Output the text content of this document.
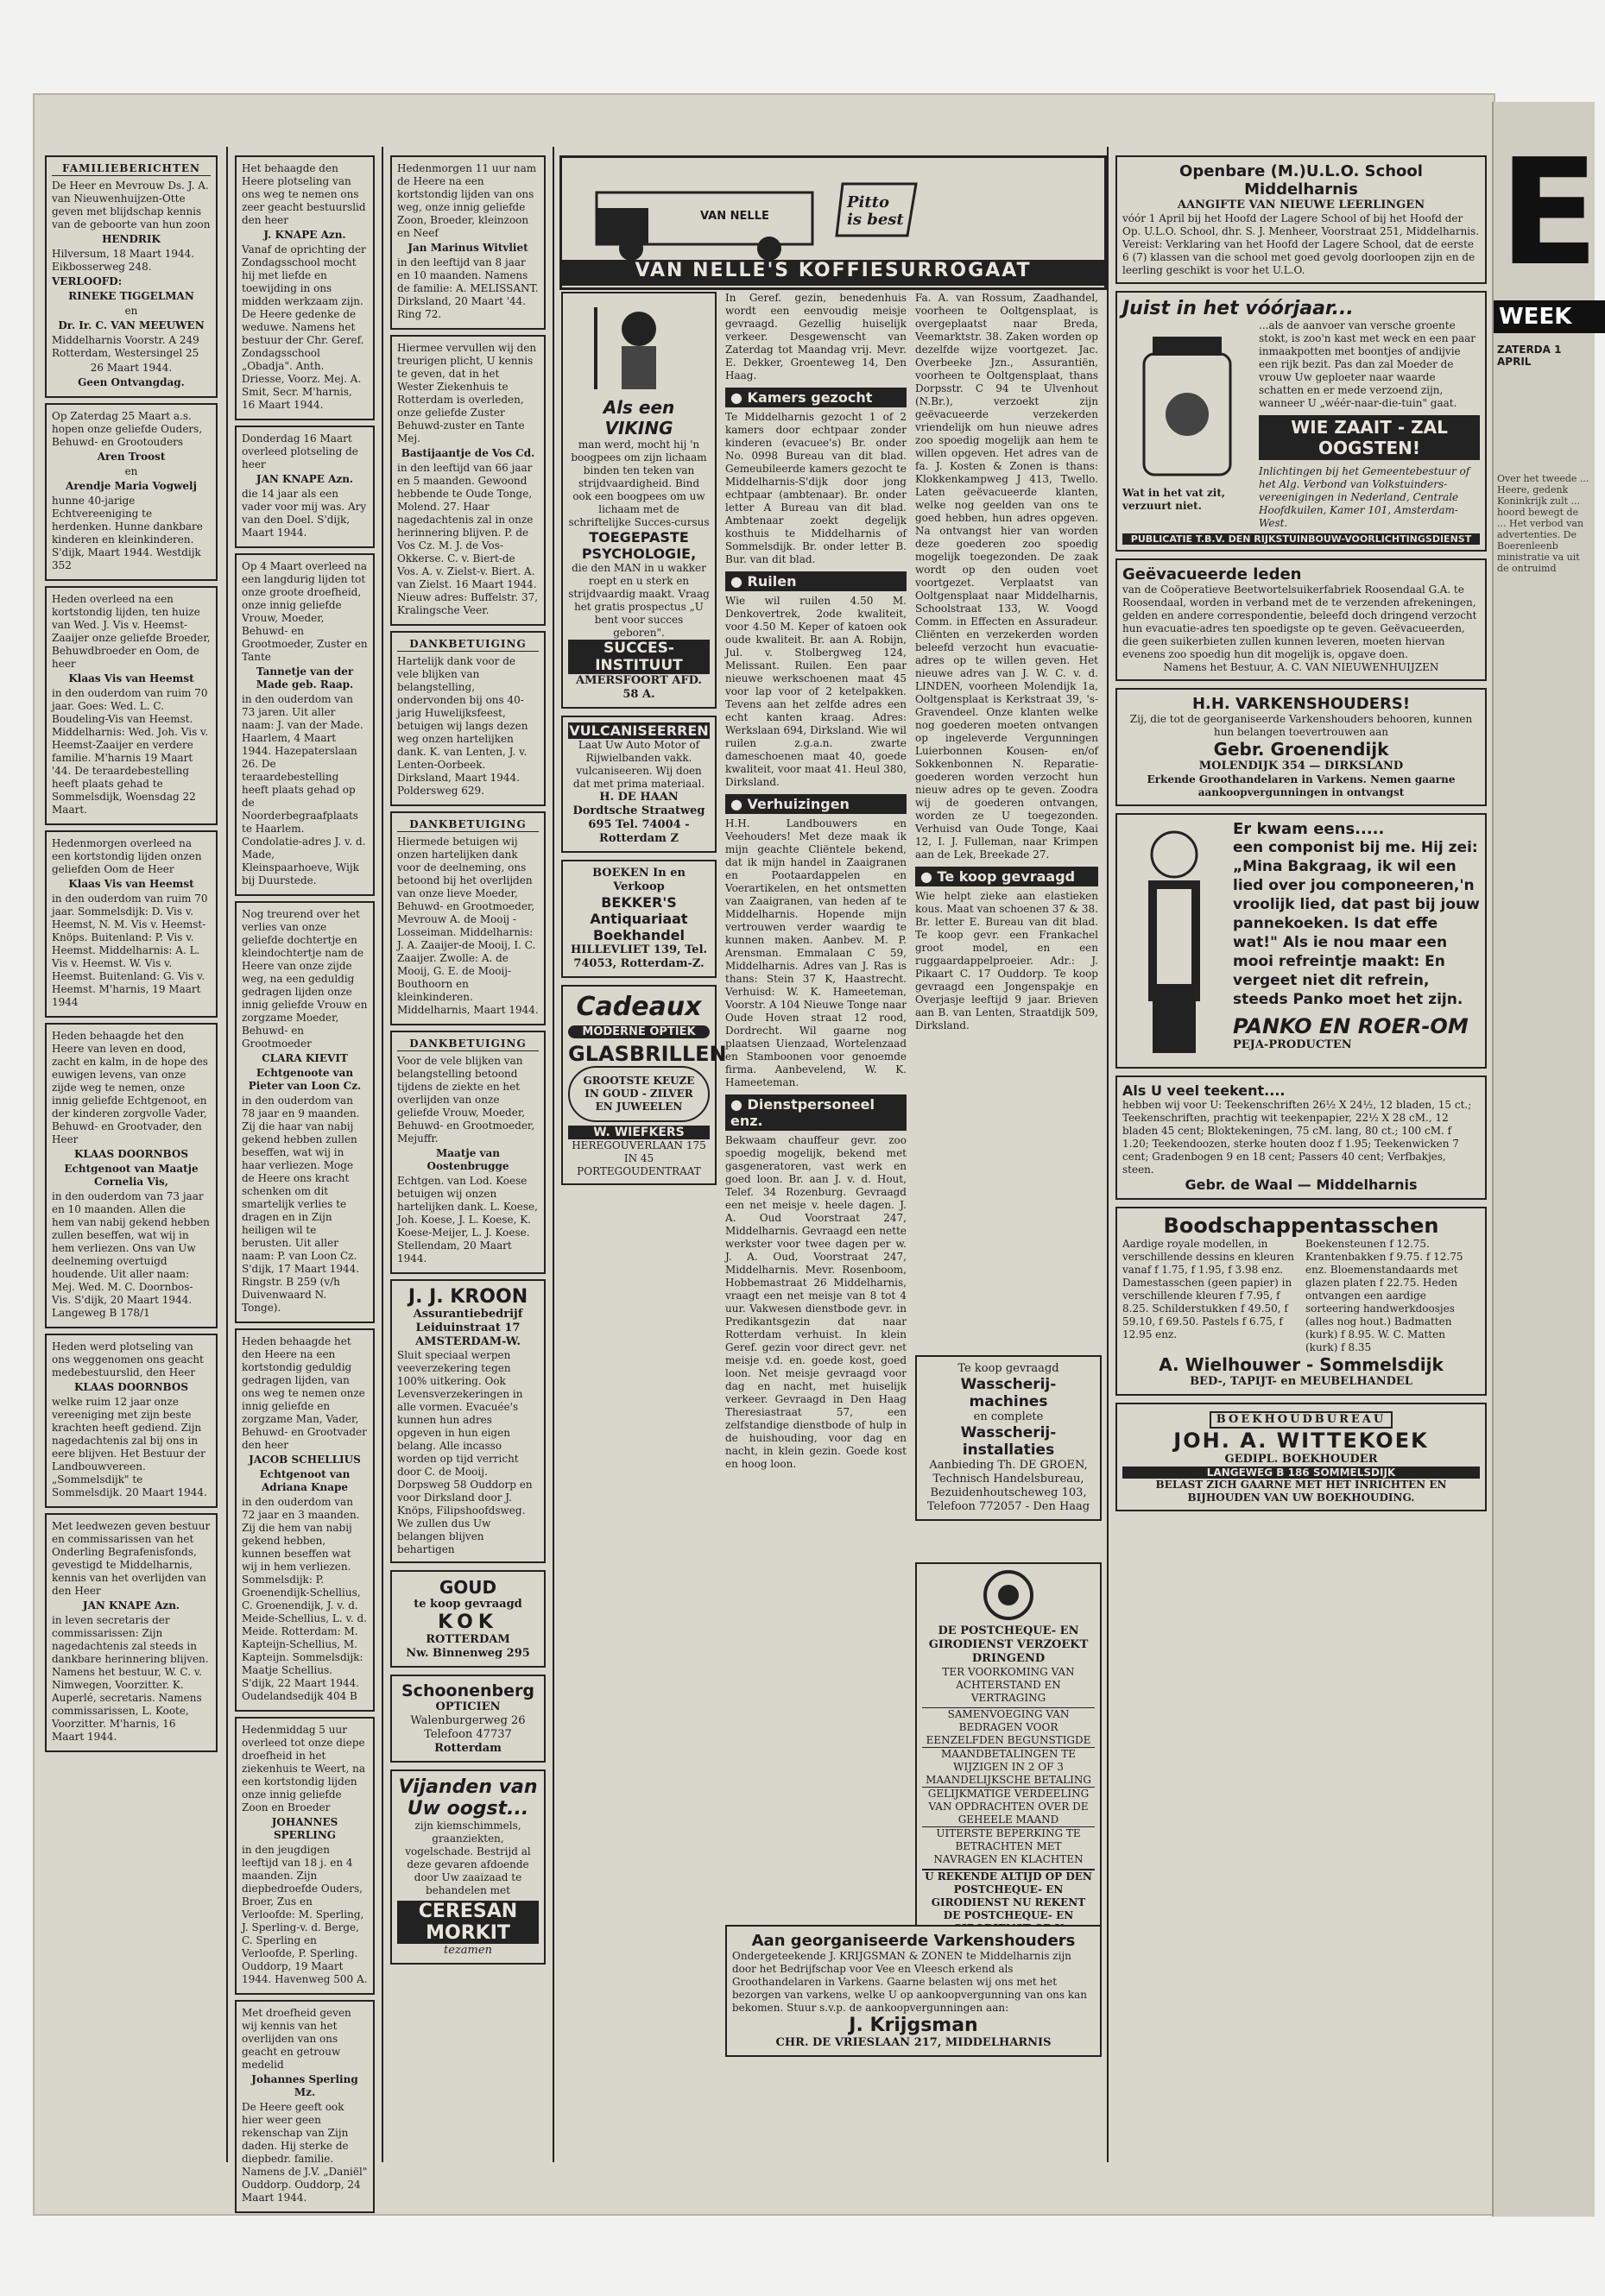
FAMILIEBERICHTEN

De Heer en Mevrouw Ds. J. A. van Nieuwenhuijzen-Otte geven met blijdschap kennis van de geboorte van hun zoon

HENDRIK

Hilversum, 18 Maart 1944. Eikbosserweg 248.

VERLOOFD:

RINEKE TIGGELMAN

en

Dr. Ir. C. VAN MEEUWEN

Middelharnis Voorstr. A 249 Rotterdam, Westersingel 25

26 Maart 1944.

Geen Ontvangdag.

Op Zaterdag 25 Maart a.s. hopen onze geliefde Ouders, Behuwd- en Grootouders

Aren Troost

en

Arendje Maria Vogwelj

hunne 40-jarige Echtvereeniging te herdenken. Hunne dankbare kinderen en kleinkinderen. S'dijk, Maart 1944. Westdijk 352

Heden overleed na een kortstondig lijden, ten huize van Wed. J. Vis v. Heemst-Zaaijer onze geliefde Broeder, Behuwdbroeder en Oom, de heer

Klaas Vis van Heemst

in den ouderdom van ruim 70 jaar. Goes: Wed. L. C. Boudeling-Vis van Heemst. Middelharnis: Wed. Joh. Vis v. Heemst-Zaaijer en verdere familie. M'harnis 19 Maart '44. De teraardebestelling heeft plaats gehad te Sommelsdijk, Woensdag 22 Maart.

Hedenmorgen overleed na een kortstondig lijden onzen geliefden Oom de Heer

Klaas Vis van Heemst

in den ouderdom van ruim 70 jaar. Sommelsdijk: D. Vis v. Heemst, N. M. Vis v. Heemst-Knöps. Buitenland: P. Vis v. Heemst. Middelharnis: A. L. Vis v. Heemst. W. Vis v. Heemst. Buitenland: G. Vis v. Heemst. M'harnis, 19 Maart 1944

Heden behaagde het den Heere van leven en dood, zacht en kalm, in de hope des euwigen levens, van onze zijde weg te nemen, onze innig geliefde Echtgenoot, en der kinderen zorgvolle Vader, Behuwd- en Grootvader, den Heer

KLAAS DOORNBOS

Echtgenoot van Maatje Cornelia Vis,

in den ouderdom van 73 jaar en 10 maanden. Allen die hem van nabij gekend hebben zullen beseffen, wat wij in hem verliezen. Ons van Uw deelneming overtuigd houdende. Uit aller naam: Mej. Wed. M. C. Doornbos-Vis. S'dijk, 20 Maart 1944. Langeweg B 178/1

Heden werd plotseling van ons weggenomen ons geacht medebestuurslid, den Heer

KLAAS DOORNBOS

welke ruim 12 jaar onze vereeniging met zijn beste krachten heeft gediend. Zijn nagedachtenis zal bij ons in eere blijven. Het Bestuur der Landbouwvereen. „Sommelsdijk" te Sommelsdijk. 20 Maart 1944.

Met leedwezen geven bestuur en commissarissen van het Onderling Begrafenisfonds, gevestigd te Middelharnis, kennis van het overlijden van den Heer

JAN KNAPE Azn.

in leven secretaris der commissarissen: Zijn nagedachtenis zal steeds in dankbare herinnering blijven. Namens het bestuur, W. C. v. Nimwegen, Voorzitter. K. Auperlé, secretaris. Namens commissarissen, L. Koote, Voorzitter. M'harnis, 16 Maart 1944.

Het behaagde den Heere plotseling van ons weg te nemen ons zeer geacht bestuurslid den heer

J. KNAPE Azn.

Vanaf de oprichting der Zondagsschool mocht hij met liefde en toewijding in ons midden werkzaam zijn. De Heere gedenke de weduwe. Namens het bestuur der Chr. Geref. Zondagsschool „Obadja". Anth. Driesse, Voorz. Mej. A. Smit, Secr. M'harnis, 16 Maart 1944.

Donderdag 16 Maart overleed plotseling de heer

JAN KNAPE Azn.

die 14 jaar als een vader voor mij was. Ary van den Doel. S'dijk, Maart 1944.

Op 4 Maart overleed na een langdurig lijden tot onze groote droefheid, onze innig geliefde Vrouw, Moeder, Behuwd- en Grootmoeder, Zuster en Tante

Tannetje van der Made geb. Raap.

in den ouderdom van 73 jaren. Uit aller naam: J. van der Made. Haarlem, 4 Maart 1944. Hazepaterslaan 26. De teraardebestelling heeft plaats gehad op de Noorderbegraafplaats te Haarlem. Condolatie-adres J. v. d. Made, Kleinspaarhoeve, Wijk bij Duurstede.

Nog treurend over het verlies van onze geliefde dochtertje en kleindochtertje nam de Heere van onze zijde weg, na een geduldig gedragen lijden onze innig geliefde Vrouw en zorgzame Moeder, Behuwd- en Grootmoeder

CLARA KIEVIT

Echtgenoote van Pieter van Loon Cz.

in den ouderdom van 78 jaar en 9 maanden. Zij die haar van nabij gekend hebben zullen beseffen, wat wij in haar verliezen. Moge de Heere ons kracht schenken om dit smartelijk verlies te dragen en in Zijn heiligen wil te berusten. Uit aller naam: P. van Loon Cz. S'dijk, 17 Maart 1944. Ringstr. B 259 (v/h Duivenwaard N. Tonge).

Heden behaagde het den Heere na een kortstondig geduldig gedragen lijden, van ons weg te nemen onze innig geliefde en zorgzame Man, Vader, Behuwd- en Grootvader den heer

JACOB SCHELLIUS

Echtgenoot van Adriana Knape

in den ouderdom van 72 jaar en 3 maanden. Zij die hem van nabij gekend hebben, kunnen beseffen wat wij in hem verliezen. Sommelsdijk: P. Groenendijk-Schellius, C. Groenendijk, J. v. d. Meide-Schellius, L. v. d. Meide. Rotterdam: M. Kapteijn-Schellius, M. Kapteijn. Sommelsdijk: Maatje Schellius. S'dijk, 22 Maart 1944. Oudelandsedijk 404 B

Hedenmiddag 5 uur overleed tot onze diepe droefheid in het ziekenhuis te Weert, na een kortstondig lijden onze innig geliefde Zoon en Broeder

JOHANNES SPERLING

in den jeugdigen leeftijd van 18 j. en 4 maanden. Zijn diepbedroefde Ouders, Broer, Zus en Verloofde: M. Sperling, J. Sperling-v. d. Berge, C. Sperling en Verloofde, P. Sperling. Ouddorp, 19 Maart 1944. Havenweg 500 A.

Met droefheid geven wij kennis van het overlijden van ons geacht en getrouw medelid

Johannes Sperling Mz.

De Heere geeft ook hier weer geen rekenschap van Zijn daden. Hij sterke de diepbedr. familie. Namens de J.V. „Daniël" Ouddorp. Ouddorp, 24 Maart 1944.

Hedenmorgen 11 uur nam de Heere na een kortstondig lijden van ons weg, onze innig geliefde Zoon, Broeder, kleinzoon en Neef

Jan Marinus Witvliet

in den leeftijd van 8 jaar en 10 maanden. Namens de familie: A. MELISSANT. Dirksland, 20 Maart '44. Ring 72.

Hiermee vervullen wij den treurigen plicht, U kennis te geven, dat in het Wester Ziekenhuis te Rotterdam is overleden, onze geliefde Zuster Behuwd-zuster en Tante Mej.

Bastijaantje de Vos Cd.

in den leeftijd van 66 jaar en 5 maanden. Gewoond hebbende te Oude Tonge, Molend. 27. Haar nagedachtenis zal in onze herinnering blijven. P. de Vos Cz. M. J. de Vos-Okkerse. C. v. Biert-de Vos. A. v. Zielst-v. Biert. A. van Zielst. 16 Maart 1944. Nieuw adres: Buffelstr. 37, Kralingsche Veer.

DANKBETUIGING

Hartelijk dank voor de vele blijken van belangstelling, ondervonden bij ons 40-jarig Huwelijksfeest, betuigen wij langs dezen weg onzen hartelijken dank. K. van Lenten, J. v. Lenten-Oorbeek. Dirksland, Maart 1944. Poldersweg 629.

DANKBETUIGING

Hiermede betuigen wij onzen hartelijken dank voor de deelneming, ons betoond bij het overlijden van onze lieve Moeder, Behuwd- en Grootmoeder, Mevrouw A. de Mooij - Losseiman. Middelharnis: J. A. Zaaijer-de Mooij, I. C. Zaaijer. Zwolle: A. de Mooij, G. E. de Mooij-Bouthoorn en kleinkinderen. Middelharnis, Maart 1944.

DANKBETUIGING

Voor de vele blijken van belangstelling betoond tijdens de ziekte en het overlijden van onze geliefde Vrouw, Moeder, Behuwd- en Grootmoeder, Mejuffr.

Maatje van Oostenbrugge

Echtgen. van Lod. Koese betuigen wij onzen hartelijken dank. L. Koese, Joh. Koese, J. L. Koese, K. Koese-Meijer, L. J. Koese. Stellendam, 20 Maart 1944.

J. J. KROON
Assurantiebedrijf Leiduinstraat 17 AMSTERDAM-W.
Sluit speciaal werpen veeverzekering tegen 100% uitkering. Ook Levensverzekeringen in alle vormen. Evacuée's kunnen hun adres opgeven in hun eigen belang. Alle incasso worden op tijd verricht door C. de Mooij. Dorpsweg 58 Ouddorp en voor Dirksland door J. Knöps, Filipshoofdsweg. We zullen dus Uw belangen blijven behartigen
GOUD
te koop gevraagd
KOK
ROTTERDAM
Nw. Binnenweg 295
Schoonenberg
OPTICIEN
Walenburgerweg 26
Telefoon 47737
Rotterdam
Vijanden van Uw oogst...
zijn kiemschimmels, graanziekten, vogelschade. Bestrijd al deze gevaren afdoende door Uw zaaizaad te behandelen met
CERESAN
MORKIT
tezamen
VAN NELLE
Pitto is best
VAN NELLE'S KOFFIESURROGAAT
Als een VIKING
man werd, mocht hij 'n boogpees om zijn lichaam binden ten teken van strijdvaardigheid. Bind ook een boogpees om uw lichaam met de schriftelijke Succes-cursus
TOEGEPASTE PSYCHOLOGIE,
die den MAN in u wakker roept en u sterk en strijdvaardig maakt. Vraag het gratis prospectus „U bent voor succes geboren".
SUCCES-INSTITUUT
AMERSFOORT AFD. 58 A.
VULCANISEERREN
Laat Uw Auto Motor of Rijwielbanden vakk. vulcaniseeren. Wij doen dat met prima materiaal.
H. DE HAAN
Dordtsche Straatweg 695 Tel. 74004 - Rotterdam Z
BOEKEN In en Verkoop
BEKKER'S Antiquariaat Boekhandel
HILLEVLIET 139, Tel. 74053, Rotterdam-Z.
Cadeaux
MODERNE OPTIEK
GLASBRILLEN
GROOTSTE KEUZE IN GOUD - ZILVER EN JUWEELEN
W. WIEFKERS
HEREGOUVERLAAN 175 IN 45 PORTEGOUDENTRAAT

In Geref. gezin, benedenhuis wordt een eenvoudig meisje gevraagd. Gezellig huiselijk verkeer. Desgewenscht van Zaterdag tot Maandag vrij. Mevr. E. Dekker, Groenteweg 14, Den Haag.

● Kamers gezocht

Te Middelharnis gezocht 1 of 2 kamers door echtpaar zonder kinderen (evacuee's) Br. onder No. 0998 Bureau van dit blad. Gemeubileerde kamers gezocht te Middelharnis-S'dijk door jong echtpaar (ambtenaar). Br. onder letter A Bureau van dit blad. Ambtenaar zoekt degelijk kosthuis te Middelharnis of Sommelsdijk. Br. onder letter B. Bur. van dit blad.

● Ruilen

Wie wil ruilen 4.50 M. Denkovertrek, 2ode kwaliteit, voor 4.50 M. Keper of katoen ook oude kwaliteit. Br. aan A. Robijn, Jul. v. Stolbergweg 124, Melissant. Ruilen. Een paar nieuwe werkschoenen maat 45 voor lap voor of 2 ketelpakken. Tevens aan het zelfde adres een echt kanten kraag. Adres: Werkslaan 694, Dirksland. Wie wil ruilen z.g.a.n. zwarte dameschoenen maat 40, goede kwaliteit, voor maat 41. Heul 380, Dirksland.

● Verhuizingen

H.H. Landbouwers en Veehouders! Met deze maak ik mijn geachte Cliëntele bekend, dat ik mijn handel in Zaaigranen en Pootaardappelen en Voerartikelen, en het ontsmetten van Zaaigranen, van heden af te Middelharnis. Hopende mijn vertrouwen verder waardig te kunnen maken. Aanbev. M. P. Arensman. Emmalaan C 59, Middelharnis. Adres van J. Ras is thans: Stein 37 K, Haastrecht. Verhuisd: W. K. Hameeteman, Voorstr. A 104 Nieuwe Tonge naar Oude Hoven straat 12 rood, Dordrecht. Wil gaarne nog plaatsen Uienzaad, Wortelenzaad en Stamboonen voor genoemde firma. Aanbevelend, W. K. Hameeteman.

● Dienstpersoneel enz.

Bekwaam chauffeur gevr. zoo spoedig mogelijk, bekend met gasgeneratoren, vast werk en goed loon. Br. aan J. v. d. Hout, Telef. 34 Rozenburg. Gevraagd een net meisje v. heele dagen. J. A. Oud Voorstraat 247, Middelharnis. Gevraagd een nette werkster voor twee dagen per w. J. A. Oud, Voorstraat 247, Middelharnis. Mevr. Rosenboom, Hobbemastraat 26 Middelharnis, vraagt een net meisje van 8 tot 4 uur. Vakwesen dienstbode gevr. in Predikantsgezin dat naar Rotterdam verhuist. In klein Geref. gezin voor direct gevr. net meisje v.d. en. goede kost, goed loon. Net meisje gevraagd voor dag en nacht, met huiselijk verkeer. Gevraagd in Den Haag Theresiastraat 57, een zelfstandige dienstbode of hulp in de huishouding, voor dag en nacht, in klein gezin. Goede kost en hoog loon.

Fa. A. van Rossum, Zaadhandel, voorheen te Ooltgensplaat, is overgeplaatst naar Breda, Veemarktstr. 38. Zaken worden op dezelfde wijze voortgezet. Jac. Overbeeke Jzn., Assurantiën, voorheen te Ooltgensplaat, thans Dorpsstr. C 94 te Ulvenhout (N.Br.), verzoekt zijn geëvacueerde verzekerden vriendelijk om hun nieuwe adres zoo spoedig mogelijk aan hem te willen opgeven. Het adres van de fa. J. Kosten & Zonen is thans: Klokkenkampweg J 413, Twello. Laten geëvacueerde klanten, welke nog geelden van ons te goed hebben, hun adres opgeven. Na ontvangst hier van worden deze goederen zoo spoedig mogelijk toegezonden. De zaak wordt op den ouden voet voortgezet. Verplaatst van Ooltgensplaat naar Middelharnis, Schoolstraat 133, W. Voogd Comm. in Effecten en Assuradeur. Cliënten en verzekerden worden beleefd verzocht hun evacuatie-adres op te willen geven. Het nieuwe adres van J. W. C. v. d. LINDEN, voorheen Molendijk 1a, Ooltgensplaat is Kerkstraat 39, 's-Gravendeel. Onze klanten welke nog goederen moeten ontvangen op ingeleverde Vergunningen Luierbonnen Kousen- en/of Sokkenbonnen N. Reparatie-goederen worden verzocht hun nieuw adres op te geven. Zoodra wij de goederen ontvangen, worden ze U toegezonden. Verhuisd van Oude Tonge, Kaai 12, I. J. Fulleman, naar Krimpen aan de Lek, Breekade 27.

● Te koop gevraagd

Wie helpt zieke aan elastieken kous. Maat van schoenen 37 & 38. Br. letter E. Bureau van dit blad. Te koop gevr. een Frankachel groot model, en een ruggaardappelproeier. Adr.: J. Pikaart C. 17 Ouddorp. Te koop gevraagd een Jongenspakje en Overjasje leeftijd 9 jaar. Brieven aan B. van Lenten, Straatdijk 509, Dirksland.

Te koop gevraagd
Wasscherij-machines
en complete
Wasscherij-installaties
Aanbieding Th. DE GROEN,
Technisch Handelsbureau,
Bezuidenhoutscheweg 103,
Telefoon 772057 - Den Haag
DE POSTCHEQUE- EN GIRODIENST VERZOEKT DRINGEND
TER VOORKOMING VAN ACHTERSTAND EN VERTRAGING
SAMENVOEGING VAN BEDRAGEN VOOR EENZELFDEN BEGUNSTIGDE
MAANDBETALINGEN TE WIJZIGEN IN 2 OF 3 MAANDELIJKSCHE BETALING
GELIJKMATIGE VERDEELING VAN OPDRACHTEN OVER DE GEHEELE MAAND
UITERSTE BEPERKING TE BETRACHTEN MET NAVRAGEN EN KLACHTEN
U REKENDE ALTIJD OP DEN POSTCHEQUE- EN GIRODIENST NU REKENT DE POSTCHEQUE- EN
Aan georganiseerde Varkenshouders
Ondergeteekende J. KRIJGSMAN & ZONEN te Middelharnis zijn door het Bedrijfschap voor Vee en Vleesch erkend als Groothandelaren in Varkens. Gaarne belasten wij ons met het bezorgen van varkens, welke U op aankoopvergunning van ons kan bekomen. Stuur s.v.p. de aankoopvergunningen aan:
J. Krijgsman
CHR. DE VRIESLAAN 217, MIDDELHARNIS
Openbare (M.)U.L.O. School
Middelharnis
AANGIFTE VAN NIEUWE LEERLINGEN
vóór 1 April bij het Hoofd der Lagere School of bij het Hoofd der Op. U.L.O. School, dhr. S. J. Menheer, Voorstraat 251, Middelharnis. Vereist: Verklaring van het Hoofd der Lagere School, dat de eerste 6 (7) klassen van die school met goed gevolg doorloopen zijn en de leerling geschikt is voor het U.L.O.
Juist in het vóórjaar...
Wat in het vat zit, verzuurt niet.
...als de aanvoer van versche groente stokt, is zoo'n kast met weck en een paar inmaakpotten met boontjes of andijvie een rijk bezit. Pas dan zal Moeder de vrouw Uw geploeter naar waarde schatten en er mede verzoend zijn, wanneer U „wéér-naar-die-tuin" gaat.
WIE ZAAIT - ZAL OOGSTEN!
Inlichtingen bij het Gemeentebestuur of het Alg. Verbond van Volkstuinders-vereenigingen in Nederland, Centrale Hoofdkuilen, Kamer 101, Amsterdam-West.
PUBLICATIE T.B.V. DEN RIJKSTUINBOUW-VOORLICHTINGSDIENST
Geëvacueerde leden
van de Coöperatieve Beetwortelsuikerfabriek Roosendaal G.A. te Roosendaal, worden in verband met de te verzenden afrekeningen, gelden en andere correspondentie, beleefd doch dringend verzocht hun evacuatie-adres ten spoedigste op te geven. Geëvacueerden, die geen suikerbieten zullen kunnen leveren, moeten hiervan evenens zoo spoedig hun dit mogelijk is, opgave doen.
Namens het Bestuur, A. C. VAN NIEUWENHUIJZEN
H.H. VARKENSHOUDERS!
Zij, die tot de georganiseerde Varkenshouders behooren, kunnen hun belangen toevertrouwen aan
Gebr. Groenendijk
MOLENDIJK 354 — DIRKSLAND
Erkende Groothandelaren in Varkens. Nemen gaarne aankoopvergunningen in ontvangst
Er kwam eens.....
een componist bij me. Hij zei: „Mina Bakgraag, ik wil een lied over jou componeeren,'n vroolijk lied, dat past bij jouw pannekoeken. Is dat effe wat!" Als ie nou maar een mooi refreintje maakt: En vergeet niet dit refrein, steeds Panko moet het zijn.
PANKO EN ROER-OM
PEJA-PRODUCTEN
Als U veel teekent....
hebben wij voor U: Teekenschriften 26½ X 24½, 12 bladen, 15 ct.; Teekenschriften, prachtig wit teekenpapier, 22½ X 28 cM., 12 bladen 45 cent; Bloktekeningen, 75 cM. lang, 80 ct.; 100 cM. f 1.20; Teekendoozen, sterke houten dooz f 1.95; Teekenwicken 7 cent; Gradenbogen 9 en 18 cent; Passers 40 cent; Verfbakjes, steen.
Gebr. de Waal — Middelharnis
Boodschappentasschen
Aardige royale modellen, in verschillende dessins en kleuren vanaf f 1.75, f 1.95, f 3.98 enz. Damestasschen (geen papier) in verschillende kleuren f 7.95, f 8.25. Schilderstukken f 49.50, f 59.10, f 69.50. Pastels f 6.75, f 12.95 enz.
Boekensteunen f 12.75. Krantenbakken f 9.75. f 12.75 enz. Bloemenstandaards met glazen platen f 22.75. Heden ontvangen een aardige sorteering handwerkdoosjes (alles nog hout.) Badmatten (kurk) f 8.95. W. C. Matten (kurk) f 8.35
A. Wielhouwer - Sommelsdijk
BED-, TAPIJT- en MEUBELHANDEL
BOEKHOUDBUREAU
JOH. A. WITTEKOEK
GEDIPL. BOEKHOUDER
LANGEWEG B 186 SOMMELSDIJK
BELAST ZICH GAARNE MET HET INRICHTEN EN BIJHOUDEN VAN UW BOEKHOUDING.
E
WEEK
ZATERDA 1 APRIL
Over het tweede ... Heere, gedenk Koninkrijk zult ... hoord bewegt de ... Het verbod van advertenties. De Boerenleenb ministratie va uit de ontruimd
